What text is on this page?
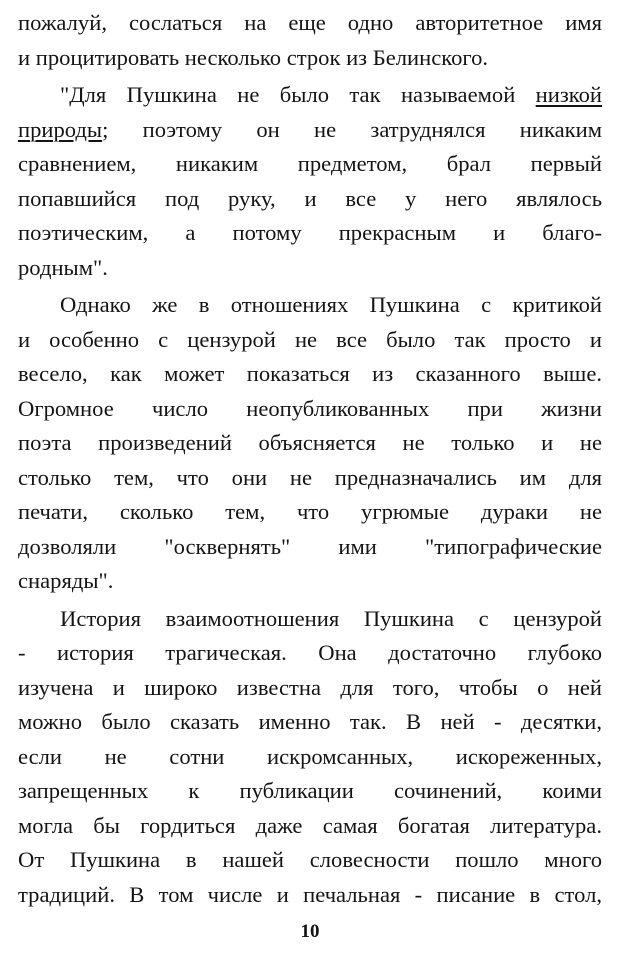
пожалуй, сослаться на еще одно авторитетное имя
и процитировать несколько строк из Белинского.
"Для Пушкина не было так называемой низкой
природы; поэтому он не затруднялся никаким
сравнением, никаким предметом, брал первый
попавшийся под руку, и все у него являлось
поэтическим, а потому прекрасным и благо-
родным".
Однако же в отношениях Пушкина с критикой
и особенно с цензурой не все было так просто и
весело, как может показаться из сказанного выше.
Огромное число неопубликованных при жизни
поэта произведений объясняется не только и не
столько тем, что они не предназначались им для
печати, сколько тем, что угрюмые дураки не
дозволяли "осквернять" ими "типографические
снаряды".
История взаимоотношения Пушкина с цензурой
- история трагическая. Она достаточно глубоко
изучена и широко известна для того, чтобы о ней
можно было сказать именно так. В ней - десятки,
если не сотни искромсанных, искореженных,
запрещенных к публикации сочинений, коими
могла бы гордиться даже самая богатая литература.
От Пушкина в нашей словесности пошло много
традиций. В том числе и печальная - писание в стол,
10
